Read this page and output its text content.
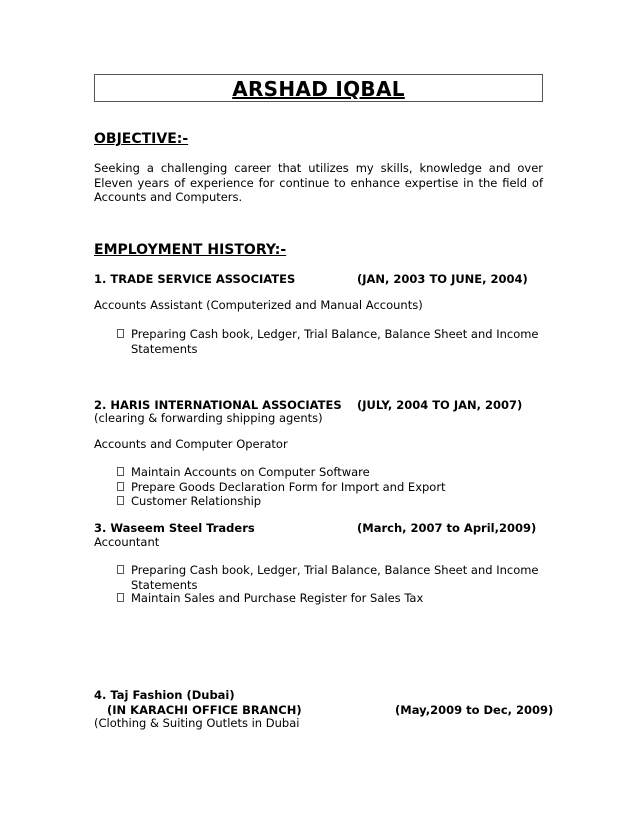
ARSHAD IQBAL
OBJECTIVE:-
Seeking a challenging career that utilizes my skills, knowledge and over Eleven years of experience for continue to enhance expertise in the field of Accounts and Computers.
EMPLOYMENT HISTORY:-
1. TRADE SERVICE ASSOCIATES	(JAN, 2003 TO JUNE, 2004)
Accounts Assistant (Computerized and Manual Accounts)
Preparing Cash book, Ledger, Trial Balance, Balance Sheet and Income
Statements
2. HARIS INTERNATIONAL ASSOCIATES (JULY, 2004 TO JAN, 2007)
(clearing & forwarding shipping agents)
Accounts and Computer Operator
Maintain Accounts on Computer Software
Prepare Goods Declaration Form for Import and Export
Customer Relationship
3. Waseem Steel Traders	(March, 2007 to April,2009)
Accountant
Preparing Cash book, Ledger, Trial Balance, Balance Sheet and Income
Statements
Maintain Sales and Purchase Register for Sales Tax
4. Taj Fashion (Dubai)
(IN KARACHI OFFICE BRANCH)	(May,2009 to Dec, 2009)
(Clothing & Suiting Outlets in Dubai
